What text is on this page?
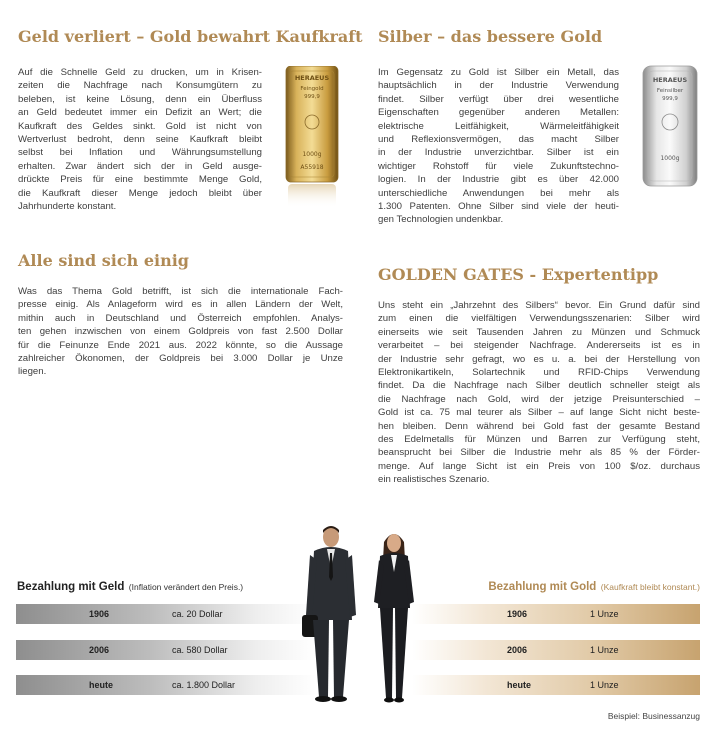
Geld verliert – Gold bewahrt Kaufkraft
Auf die Schnelle Geld zu drucken, um in Krisen-
zeiten die Nachfrage nach Konsumgütern zu
beleben, ist keine Lösung, denn ein Überfluss
an Geld bedeutet immer ein Defizit an Wert; die
Kaufkraft des Geldes sinkt. Gold ist nicht von
Wertverlust bedroht, denn seine Kaufkraft bleibt
selbst bei Inflation und Währungsumstellung
erhalten. Zwar ändert sich der in Geld ausge-
drückte Preis für eine bestimmte Menge Gold,
die Kaufkraft dieser Menge jedoch bleibt über
Jahrhunderte konstant.
Alle sind sich einig
Was das Thema Gold betrifft, ist sich die internationale Fach-
presse einig. Als Anlageform wird es in allen Ländern der Welt,
mithin auch in Deutschland und Österreich empfohlen. Analys-
ten gehen inzwischen von einem Goldpreis von fast 2.500 Dollar
für die Feinunze Ende 2021 aus. 2022 könnte, so die Aussage
zahlreicher Ökonomen, der Goldpreis bei 3.000 Dollar je Unze
liegen.
HERAEUS
Feingold
999,9
1000g
A55918
Silber – das bessere Gold
Im Gegensatz zu Gold ist Silber ein Metall, das
hauptsächlich in der Industrie Verwendung
findet. Silber verfügt über drei wesentliche
Eigenschaften gegenüber anderen Metallen:
elektrische Leitfähigkeit, Wärmeleitfähigkeit
und Reflexionsvermögen, das macht Silber
in der Industrie unverzichtbar. Silber ist ein
wichtiger Rohstoff für viele Zukunftstechno-
logien. In der Industrie gibt es über 42.000
unterschiedliche Anwendungen bei mehr als
1.300 Patenten. Ohne Silber sind viele der heuti-
gen Technologien undenkbar.
GOLDEN GATES - Expertentipp
Uns steht ein „Jahrzehnt des Silbers“ bevor. Ein Grund dafür sind
zum einen die vielfältigen Verwendungsszenarien: Silber wird
einerseits wie seit Tausenden Jahren zu Münzen und Schmuck
verarbeitet – bei steigender Nachfrage. Andererseits ist es in
der Industrie sehr gefragt, wo es u. a. bei der Herstellung von
Elektronikartikeln, Solartechnik und RFID-Chips Verwendung
findet. Da die Nachfrage nach Silber deutlich schneller steigt als
die Nachfrage nach Gold, wird der jetzige Preisunterschied –
Gold ist ca. 75 mal teurer als Silber – auf lange Sicht nicht beste-
hen bleiben. Denn während bei Gold fast der gesamte Bestand
des Edelmetalls für Münzen und Barren zur Verfügung steht,
beansprucht bei Silber die Industrie mehr als 85 % der Förder-
menge. Auf lange Sicht ist ein Preis von 100 $/oz. durchaus
ein realistisches Szenario.
HERAEUS
Feinsilber
999,9
1000g
Bezahlung mit Geld (Inflation verändert den Preis.)	Bezahlung mit Gold (Kaufkraft bleibt konstant.)
1906	ca. 20 Dollar
2006	ca. 580 Dollar
heute	ca. 1.800 Dollar
1906	1 Unze
2006	1 Unze
heute	1 Unze
Beispiel: Businessanzug
